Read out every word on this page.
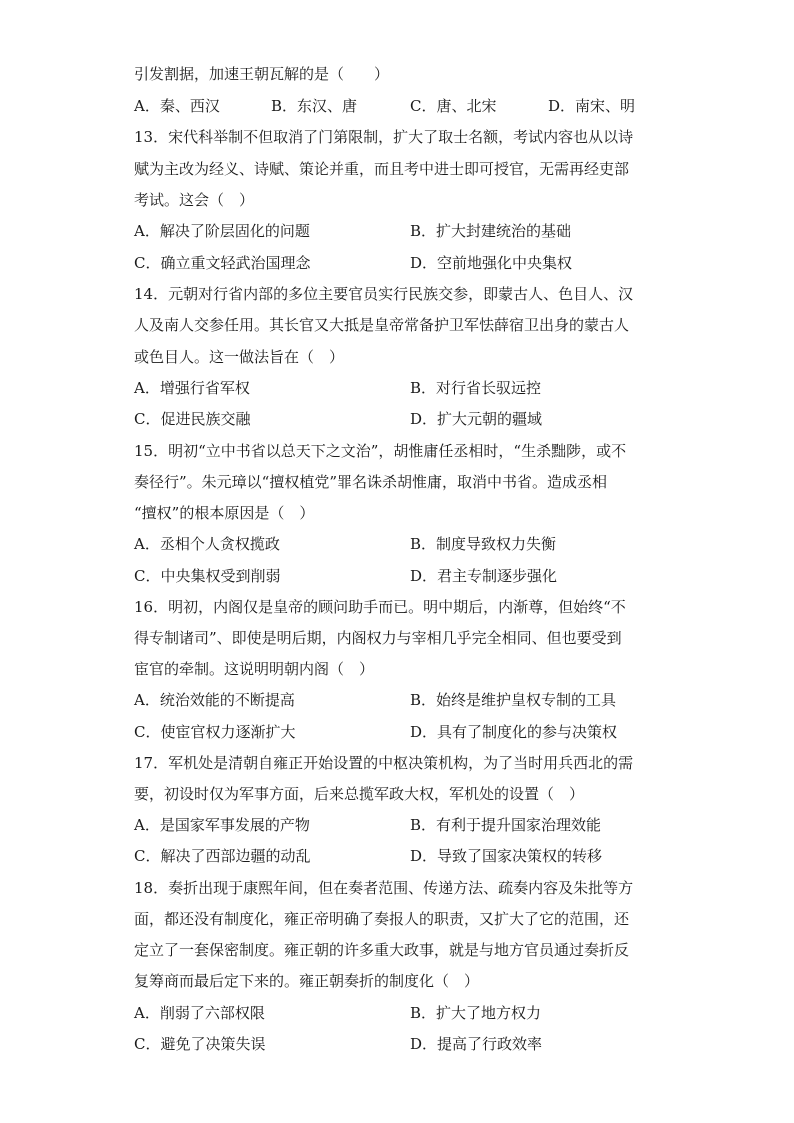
引发割据，加速王朝瓦解的是（　　）
A．秦、西汉	B．东汉、唐	C．唐、北宋	D．南宋、明
13．宋代科举制不但取消了门第限制，扩大了取士名额，考试内容也从以诗
赋为主改为经义、诗赋、策论并重，而且考中进士即可授官，无需再经吏部
考试。这会（　）
A．解决了阶层固化的问题	B．扩大封建统治的基础
C．确立重文轻武治国理念	D．空前地强化中央集权
14．元朝对行省内部的多位主要官员实行民族交参，即蒙古人、色目人、汉
人及南人交参任用。其长官又大抵是皇帝常备护卫军怯薛宿卫出身的蒙古人
或色目人。这一做法旨在（　）
A．增强行省军权	B．对行省长驭远控
C．促进民族交融	D．扩大元朝的疆域
15．明初“立中书省以总天下之文治”，胡惟庸任丞相时，“生杀黜陟，或不
奏径行”。朱元璋以“擅权植党”罪名诛杀胡惟庸，取消中书省。造成丞相
“擅权”的根本原因是（　）
A．丞相个人贪权揽政	B．制度导致权力失衡
C．中央集权受到削弱	D．君主专制逐步强化
16．明初，内阁仅是皇帝的顾问助手而已。明中期后，内渐尊，但始终“不
得专制诸司”、即使是明后期，内阁权力与宰相几乎完全相同、但也要受到
宦官的牵制。这说明明朝内阁（　）
A．统治效能的不断提高	B．始终是维护皇权专制的工具
C．使宦官权力逐渐扩大	D．具有了制度化的参与决策权
17．军机处是清朝自雍正开始设置的中枢决策机构，为了当时用兵西北的需
要，初设时仅为军事方面，后来总揽军政大权，军机处的设置（　）
A．是国家军事发展的产物	B．有利于提升国家治理效能
C．解决了西部边疆的动乱	D．导致了国家决策权的转移
18．奏折出现于康熙年间，但在奏者范围、传递方法、疏奏内容及朱批等方
面，都还没有制度化，雍正帝明确了奏报人的职责，又扩大了它的范围，还
定立了一套保密制度。雍正朝的许多重大政事，就是与地方官员通过奏折反
复筹商而最后定下来的。雍正朝奏折的制度化（　）
A．削弱了六部权限	B．扩大了地方权力
C．避免了决策失误	D．提高了行政效率
